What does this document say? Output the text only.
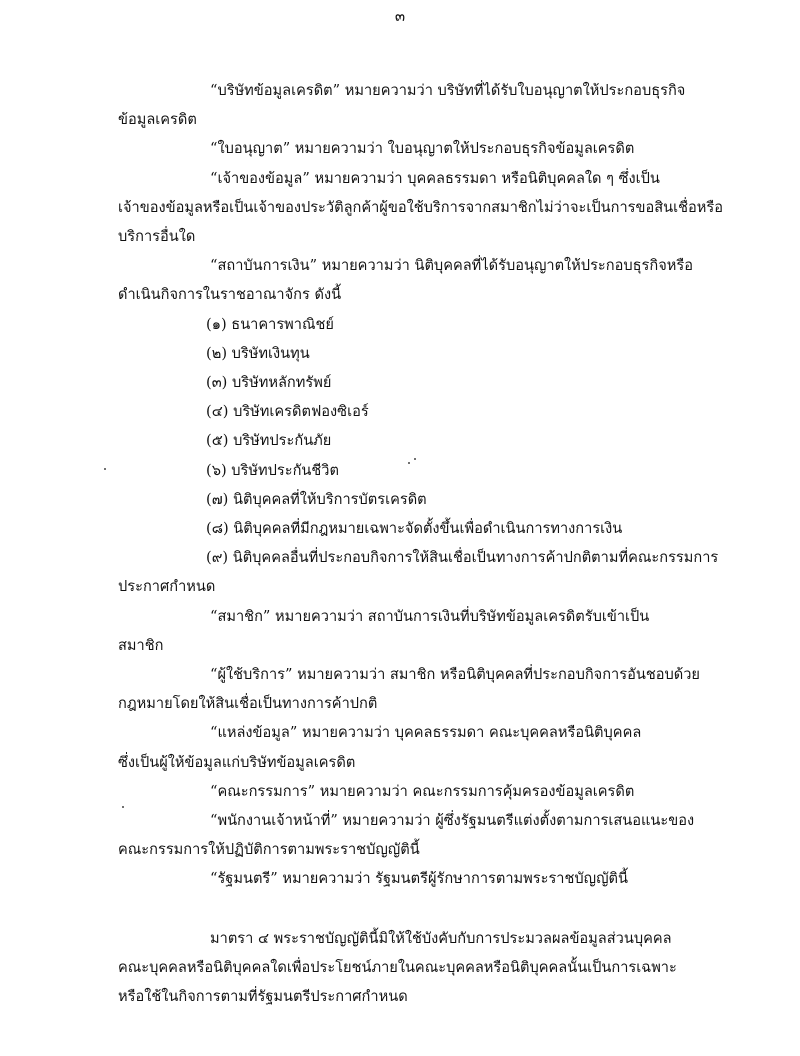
๓

“บริษัทข้อมูลเครดิต” หมายความว่า บริษัทที่ได้รับใบอนุญาตให้ประกอบธุรกิจ

ข้อมูลเครดิต

“ใบอนุญาต” หมายความว่า ใบอนุญาตให้ประกอบธุรกิจข้อมูลเครดิต

“เจ้าของข้อมูล” หมายความว่า บุคคลธรรมดา หรือนิติบุคคลใด ๆ ซึ่งเป็น

เจ้าของข้อมูลหรือเป็นเจ้าของประวัติลูกค้าผู้ขอใช้บริการจากสมาชิกไม่ว่าจะเป็นการขอสินเชื่อหรือ

บริการอื่นใด

“สถาบันการเงิน” หมายความว่า นิติบุคคลที่ได้รับอนุญาตให้ประกอบธุรกิจหรือ

ดำเนินกิจการในราชอาณาจักร ดังนี้

(๑) ธนาคารพาณิชย์

(๒) บริษัทเงินทุน

(๓) บริษัทหลักทรัพย์

(๔) บริษัทเครดิตฟองซิเอร์

(๕) บริษัทประกันภัย

(๖) บริษัทประกันชีวิต

(๗) นิติบุคคลที่ให้บริการบัตรเครดิต

(๘) นิติบุคคลที่มีกฎหมายเฉพาะจัดตั้งขึ้นเพื่อดำเนินการทางการเงิน

(๙) นิติบุคคลอื่นที่ประกอบกิจการให้สินเชื่อเป็นทางการค้าปกติตามที่คณะกรรมการ

ประกาศกำหนด

“สมาชิก” หมายความว่า สถาบันการเงินที่บริษัทข้อมูลเครดิตรับเข้าเป็น

สมาชิก

“ผู้ใช้บริการ” หมายความว่า สมาชิก หรือนิติบุคคลที่ประกอบกิจการอันชอบด้วย

กฎหมายโดยให้สินเชื่อเป็นทางการค้าปกติ

“แหล่งข้อมูล” หมายความว่า บุคคลธรรมดา คณะบุคคลหรือนิติบุคคล

ซึ่งเป็นผู้ให้ข้อมูลแก่บริษัทข้อมูลเครดิต

“คณะกรรมการ” หมายความว่า คณะกรรมการคุ้มครองข้อมูลเครดิต

“พนักงานเจ้าหน้าที่” หมายความว่า ผู้ซึ่งรัฐมนตรีแต่งตั้งตามการเสนอแนะของ

คณะกรรมการให้ปฏิบัติการตามพระราชบัญญัตินี้

“รัฐมนตรี” หมายความว่า รัฐมนตรีผู้รักษาการตามพระราชบัญญัตินี้

มาตรา ๔ พระราชบัญญัตินี้มิให้ใช้บังคับกับการประมวลผลข้อมูลส่วนบุคคล

คณะบุคคลหรือนิติบุคคลใดเพื่อประโยชน์ภายในคณะบุคคลหรือนิติบุคคลนั้นเป็นการเฉพาะ

หรือใช้ในกิจการตามที่รัฐมนตรีประกาศกำหนด
